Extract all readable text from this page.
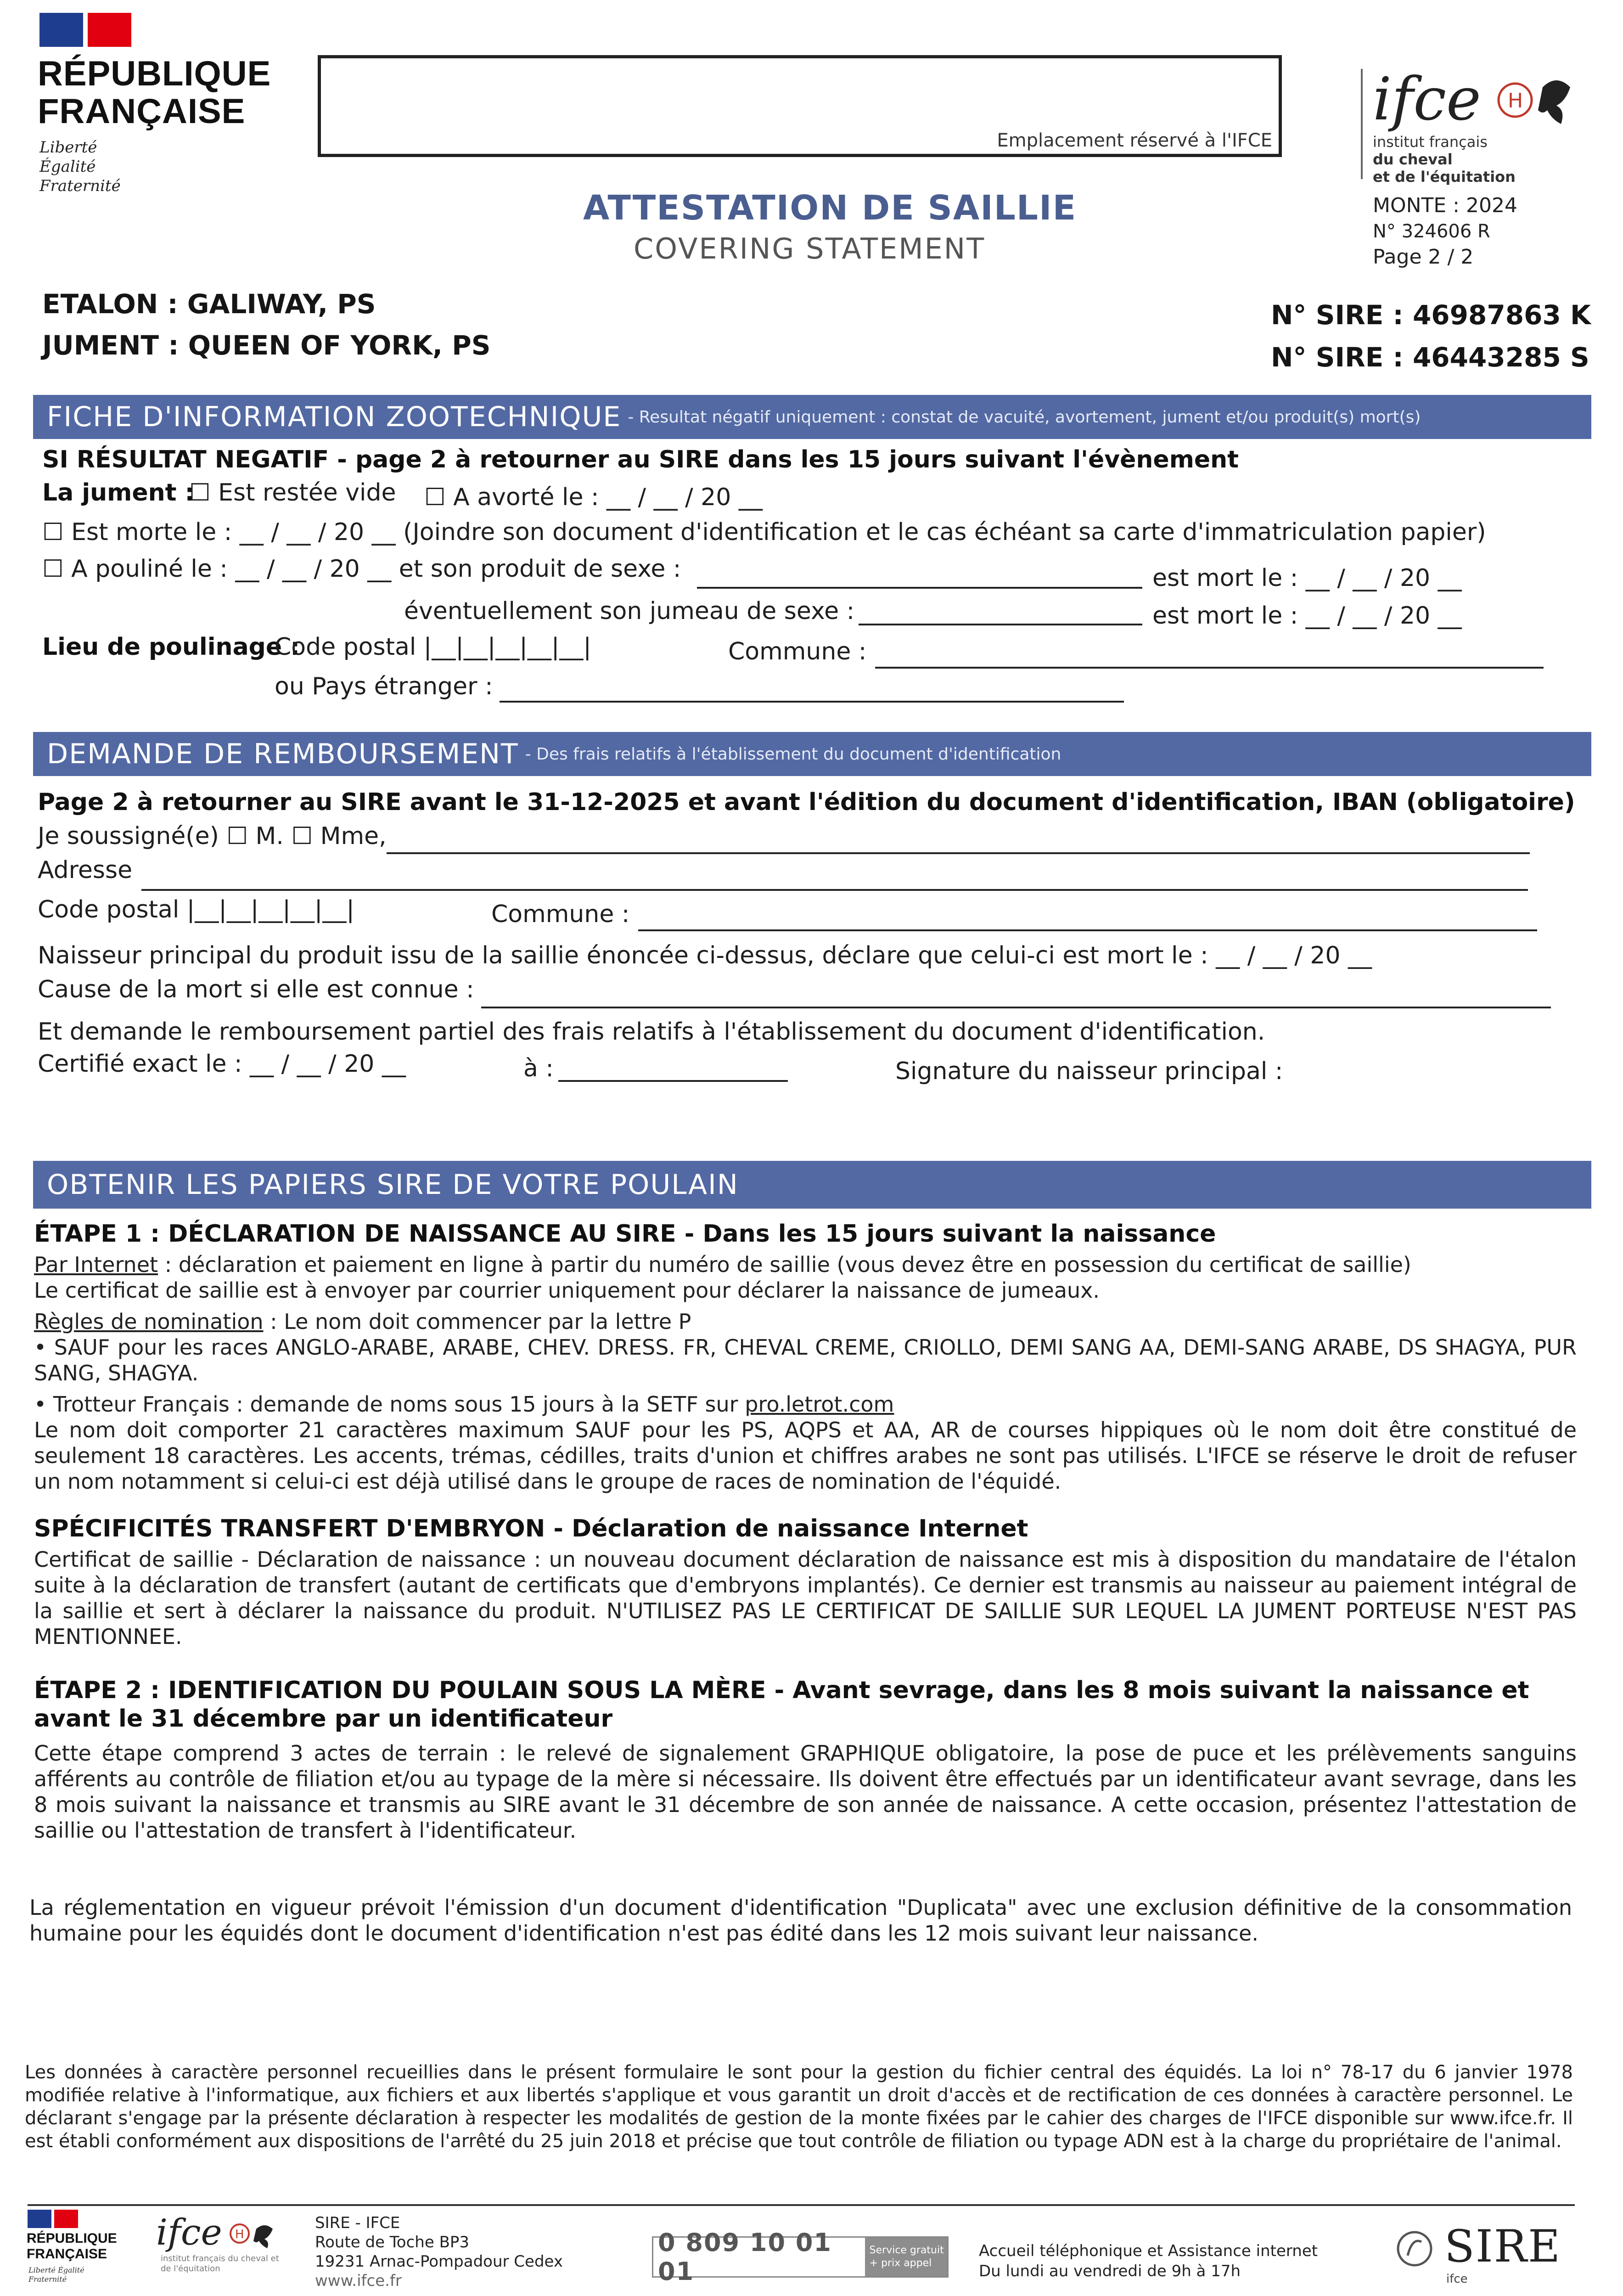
RÉPUBLIQUE FRANÇAISE
Liberté
Égalité
Fraternité
Emplacement réservé à l'IFCE
ifce H
institut français
du cheval
et de l'équitation
MONTE : 2024
N° 324606 R
Page 2 / 2
ATTESTATION DE SAILLIE
COVERING STATEMENT
ETALON : GALIWAY, PS
JUMENT : QUEEN OF YORK, PS
N° SIRE : 46987863 K
N° SIRE : 46443285 S
FICHE D'INFORMATION ZOOTECHNIQUE - Resultat négatif uniquement : constat de vacuité, avortement, jument et/ou produit(s) mort(s)
SI RÉSULTAT NEGATIF - page 2 à retourner au SIRE dans les 15 jours suivant l'évènement
La jument :
☐ Est restée vide ☐ A avorté le : __ / __ / 20 __
☐ Est morte le : __ / __ / 20 __ (Joindre son document d'identification et le cas échéant sa carte d'immatriculation papier)
☐ A pouliné le : __ / __ / 20 __ et son produit de sexe :	est mort le : __ / __ / 20 __
éventuellement son jumeau de sexe :	est mort le : __ / __ / 20 __
Lieu de poulinage :
Code postal |__|__|__|__|__|	Commune :
ou Pays étranger :
DEMANDE DE REMBOURSEMENT - Des frais relatifs à l'établissement du document d'identification
Page 2 à retourner au SIRE avant le 31-12-2025 et avant l'édition du document d'identification, IBAN (obligatoire)
Je soussigné(e) ☐ M. ☐ Mme,
Adresse
Code postal |__|__|__|__|__|	Commune :
Naisseur principal du produit issu de la saillie énoncée ci-dessus, déclare que celui-ci est mort le : __ / __ / 20 __
Cause de la mort si elle est connue :
Et demande le remboursement partiel des frais relatifs à l'établissement du document d'identification.
Certifié exact le : __ / __ / 20 __	à :	Signature du naisseur principal :
OBTENIR LES PAPIERS SIRE DE VOTRE POULAIN
ÉTAPE 1 : DÉCLARATION DE NAISSANCE AU SIRE - Dans les 15 jours suivant la naissance
Par Internet : déclaration et paiement en ligne à partir du numéro de saillie (vous devez être en possession du certificat de saillie)
Le certificat de saillie est à envoyer par courrier uniquement pour déclarer la naissance de jumeaux.
Règles de nomination : Le nom doit commencer par la lettre P
• SAUF pour les races ANGLO-ARABE, ARABE, CHEV. DRESS. FR, CHEVAL CREME, CRIOLLO, DEMI SANG AA, DEMI-SANG ARABE, DS SHAGYA, PUR SANG, SHAGYA.
• Trotteur Français : demande de noms sous 15 jours à la SETF sur pro.letrot.com
Le nom doit comporter 21 caractères maximum SAUF pour les PS, AQPS et AA, AR de courses hippiques où le nom doit être constitué de seulement 18 caractères. Les accents, trémas, cédilles, traits d'union et chiffres arabes ne sont pas utilisés. L'IFCE se réserve le droit de refuser un nom notamment si celui-ci est déjà utilisé dans le groupe de races de nomination de l'équidé.
SPÉCIFICITÉS TRANSFERT D'EMBRYON - Déclaration de naissance Internet
Certificat de saillie - Déclaration de naissance : un nouveau document déclaration de naissance est mis à disposition du mandataire de l'étalon suite à la déclaration de transfert (autant de certificats que d'embryons implantés). Ce dernier est transmis au naisseur au paiement intégral de la saillie et sert à déclarer la naissance du produit. N'UTILISEZ PAS LE CERTIFICAT DE SAILLIE SUR LEQUEL LA JUMENT PORTEUSE N'EST PAS MENTIONNEE.
ÉTAPE 2 : IDENTIFICATION DU POULAIN SOUS LA MÈRE - Avant sevrage, dans les 8 mois suivant la naissance et avant le 31 décembre par un identificateur
Cette étape comprend 3 actes de terrain : le relevé de signalement GRAPHIQUE obligatoire, la pose de puce et les prélèvements sanguins afférents au contrôle de filiation et/ou au typage de la mère si nécessaire. Ils doivent être effectués par un identificateur avant sevrage, dans les 8 mois suivant la naissance et transmis au SIRE avant le 31 décembre de son année de naissance. A cette occasion, présentez l'attestation de saillie ou l'attestation de transfert à l'identificateur.
La réglementation en vigueur prévoit l'émission d'un document d'identification "Duplicata" avec une exclusion définitive de la consommation humaine pour les équidés dont le document d'identification n'est pas édité dans les 12 mois suivant leur naissance.
Les données à caractère personnel recueillies dans le présent formulaire le sont pour la gestion du fichier central des équidés. La loi n° 78-17 du 6 janvier 1978 modifiée relative à l'informatique, aux fichiers et aux libertés s'applique et vous garantit un droit d'accès et de rectification de ces données à caractère personnel. Le déclarant s'engage par la présente déclaration à respecter les modalités de gestion de la monte fixées par le cahier des charges de l'IFCE disponible sur www.ifce.fr. Il est établi conformément aux dispositions de l'arrêté du 25 juin 2018 et précise que tout contrôle de filiation ou typage ADN est à la charge du propriétaire de l'animal.
RÉPUBLIQUE FRANÇAISE
Liberté Égalité Fraternité
ifce H
institut français du cheval et de l'équitation
SIRE - IFCE
Route de Toche BP3
19231 Arnac-Pompadour Cedex
www.ifce.fr
0 809 10 01 01
Service gratuit
+ prix appel
Accueil téléphonique et Assistance internet
Du lundi au vendredi de 9h à 17h	SIRE
ifce
